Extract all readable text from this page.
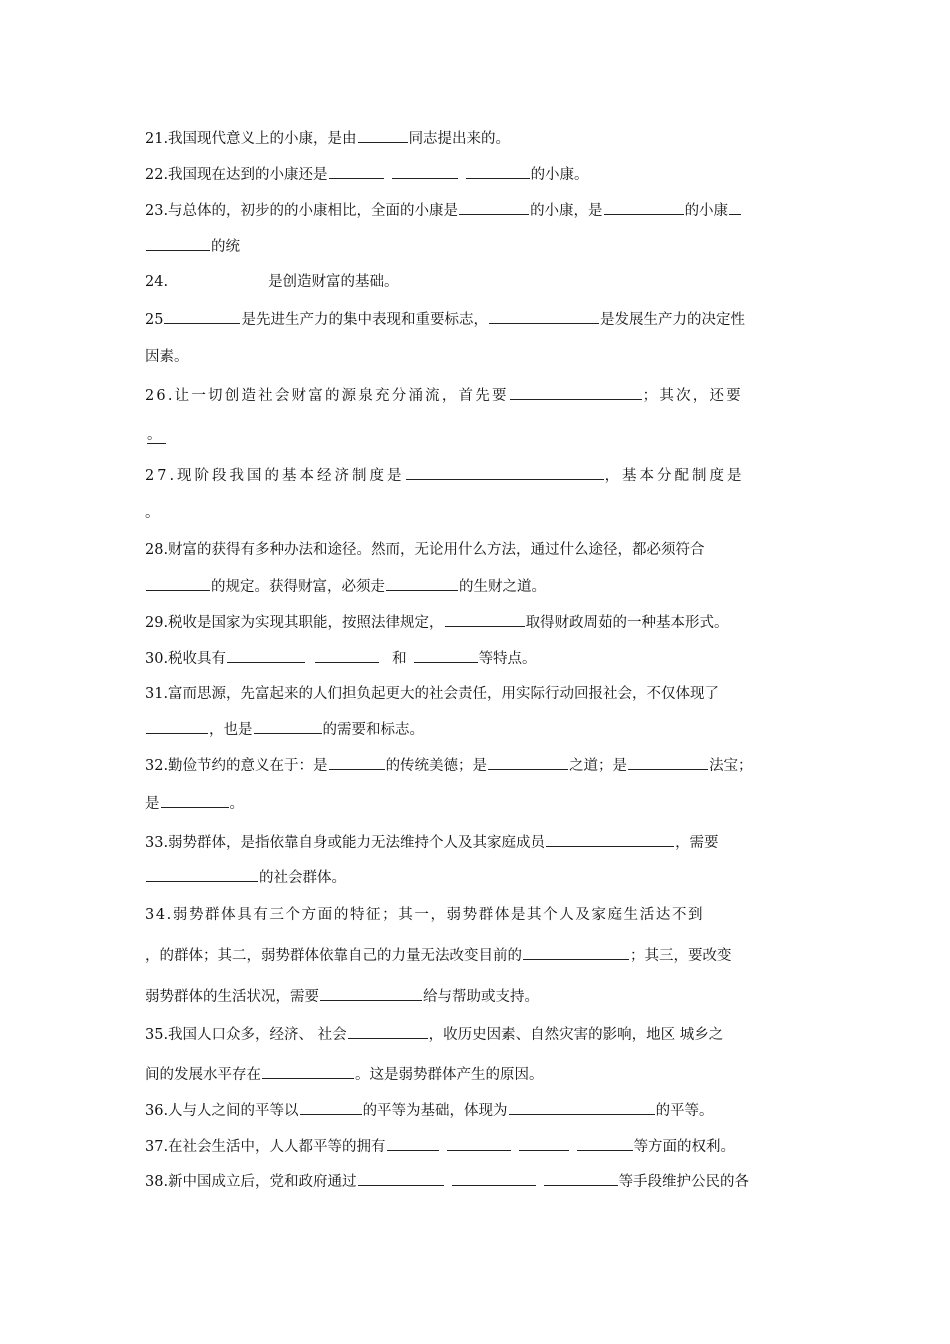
21.我国现代意义上的小康，是由	同志提出来的。
22.我国现在达到的小康还是	的小康。
23.与总体的，初步的的小康相比，全面的小康是	的小康，是	的小康
的统
24.	是创造财富的基础。
25	是先进生产力的集中表现和重要标志，	是发展生产力的决定性
因素。
26.让一切创造社会财富的源泉充分涌流，首先要	；其次，还要
。
27.现阶段我国的基本经济制度是	，基本分配制度是
。
28.财富的获得有多种办法和途径。然而，无论用什么方法，通过什么途径，都必须符合
的规定。获得财富，必须走	的生财之道。
29.税收是国家为实现其职能，按照法律规定，	取得财政周茹的一种基本形式。
30.税收具有	和	等特点。
31.富而思源，先富起来的人们担负起更大的社会责任，用实际行动回报社会，不仅体现了
，也是	的需要和标志。
32.勤俭节约的意义在于：是	的传统美德；是	之道；是	法宝；
是	。
33.弱势群体，是指依靠自身或能力无法维持个人及其家庭成员	，需要
的社会群体。
34.弱势群体具有三个方面的特征；其一，弱势群体是其个人及家庭生活达不到
，的群体；其二，弱势群体依靠自己的力量无法改变目前的	；其三，要改变
弱势群体的生活状况，需要	给与帮助或支持。
35.我国人口众多，经济、 社会	，收历史因素、自然灾害的影响，地区 城乡之
间的发展水平存在	。这是弱势群体产生的原因。
36.人与人之间的平等以	的平等为基础，体现为	的平等。
37.在社会生活中，人人都平等的拥有	等方面的权利。
38.新中国成立后，党和政府通过	等手段维护公民的各
